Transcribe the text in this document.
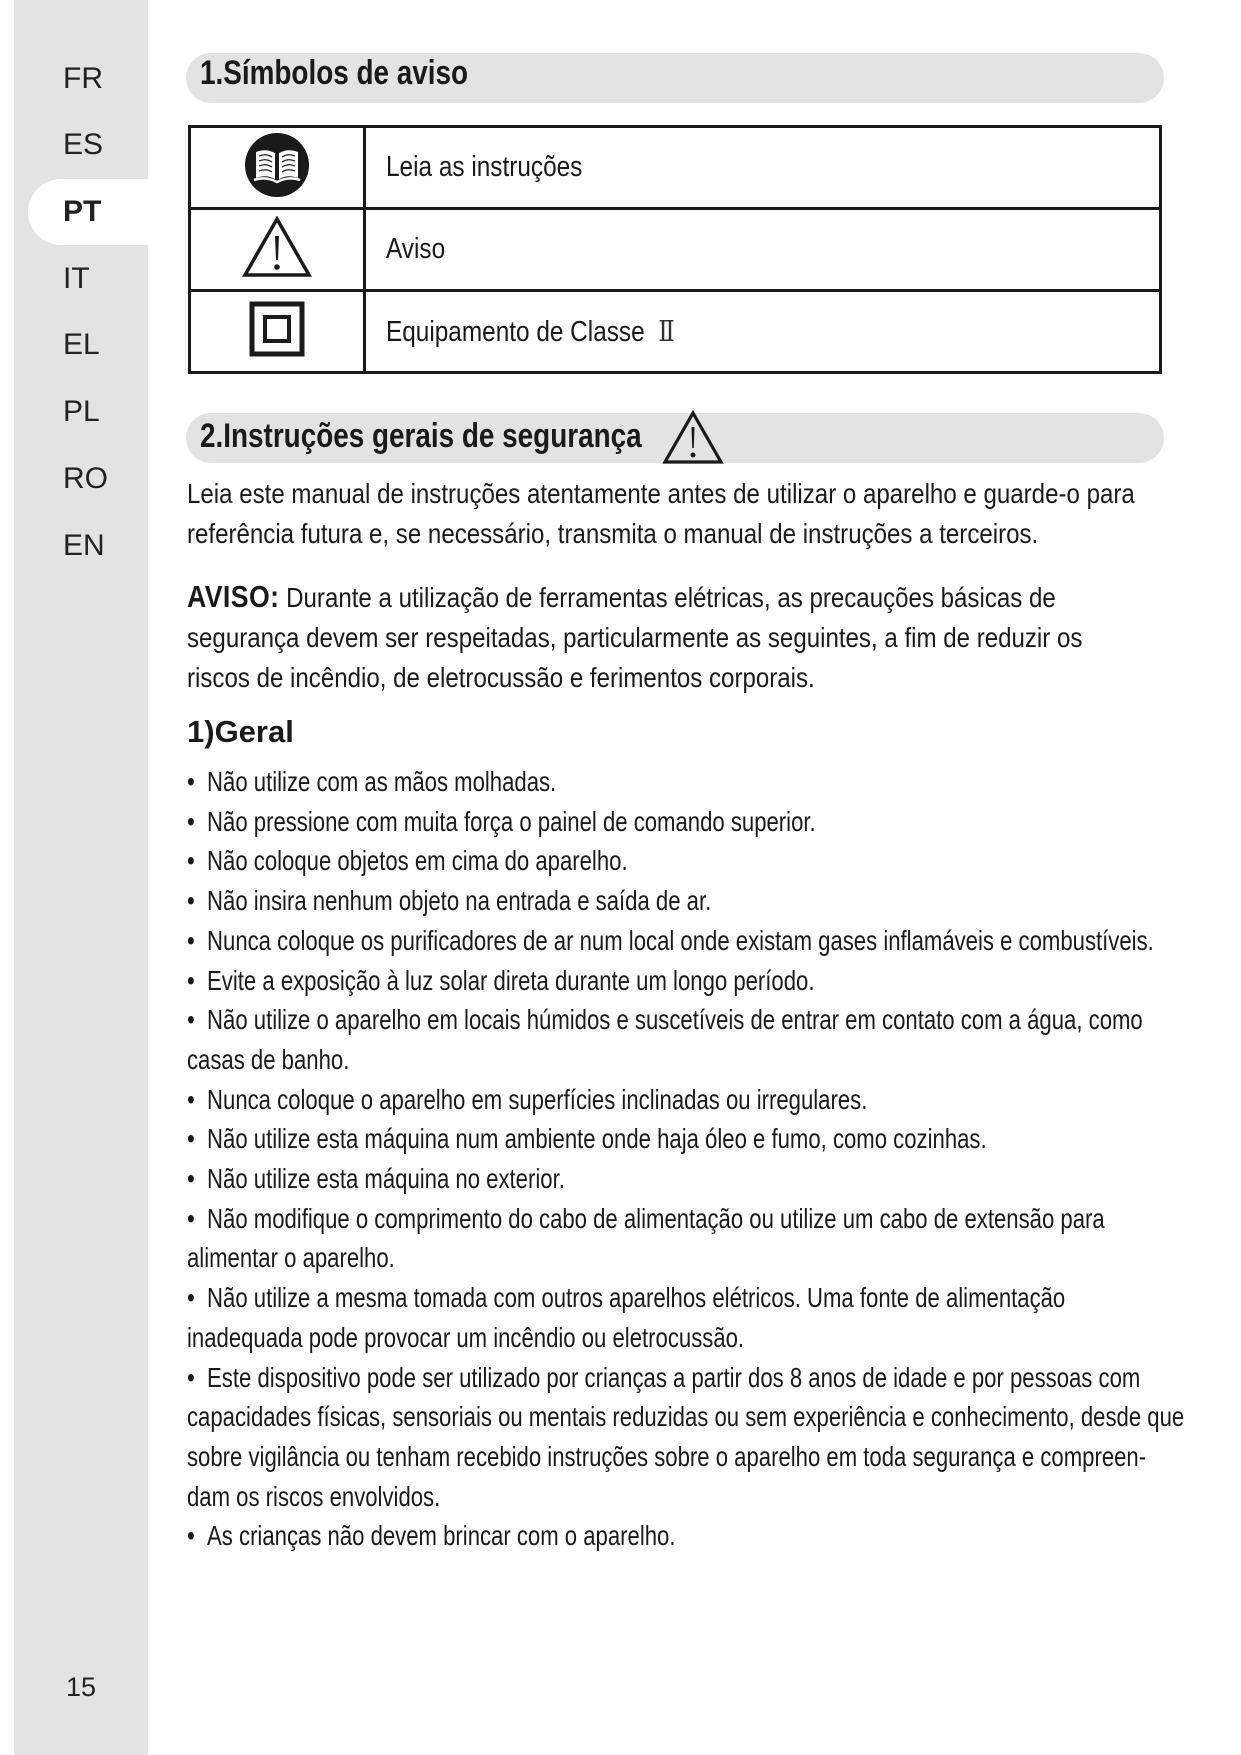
FR
ES
PT
IT
EL
PL
RO
EN
15
1.Símbolos de aviso
	Leia as instruções
	Aviso
	Equipamento de Classe Ⅱ
2.Instruções gerais de segurança
Leia este manual de instruções atentamente antes de utilizar o aparelho e guarde-o para
referência futura e, se necessário, transmita o manual de instruções a terceiros.
AVISO: Durante a utilização de ferramentas elétricas, as precauções básicas de
segurança devem ser respeitadas, particularmente as seguintes, a fim de reduzir os
riscos de incêndio, de eletrocussão e ferimentos corporais.
1)Geral
•  Não utilize com as mãos molhadas.
•  Não pressione com muita força o painel de comando superior.
•  Não coloque objetos em cima do aparelho.
•  Não insira nenhum objeto na entrada e saída de ar.
•  Nunca coloque os purificadores de ar num local onde existam gases inflamáveis e combustíveis.
•  Evite a exposição à luz solar direta durante um longo período.
•  Não utilize o aparelho em locais húmidos e suscetíveis de entrar em contato com a água, como
casas de banho.
•  Nunca coloque o aparelho em superfícies inclinadas ou irregulares.
•  Não utilize esta máquina num ambiente onde haja óleo e fumo, como cozinhas.
•  Não utilize esta máquina no exterior.
•  Não modifique o comprimento do cabo de alimentação ou utilize um cabo de extensão para
alimentar o aparelho.
•  Não utilize a mesma tomada com outros aparelhos elétricos. Uma fonte de alimentação
inadequada pode provocar um incêndio ou eletrocussão.
•  Este dispositivo pode ser utilizado por crianças a partir dos 8 anos de idade e por pessoas com
capacidades físicas, sensoriais ou mentais reduzidas ou sem experiência e conhecimento, desde que
sobre vigilância ou tenham recebido instruções sobre o aparelho em toda segurança e compreen-
dam os riscos envolvidos.
•  As crianças não devem brincar com o aparelho.
